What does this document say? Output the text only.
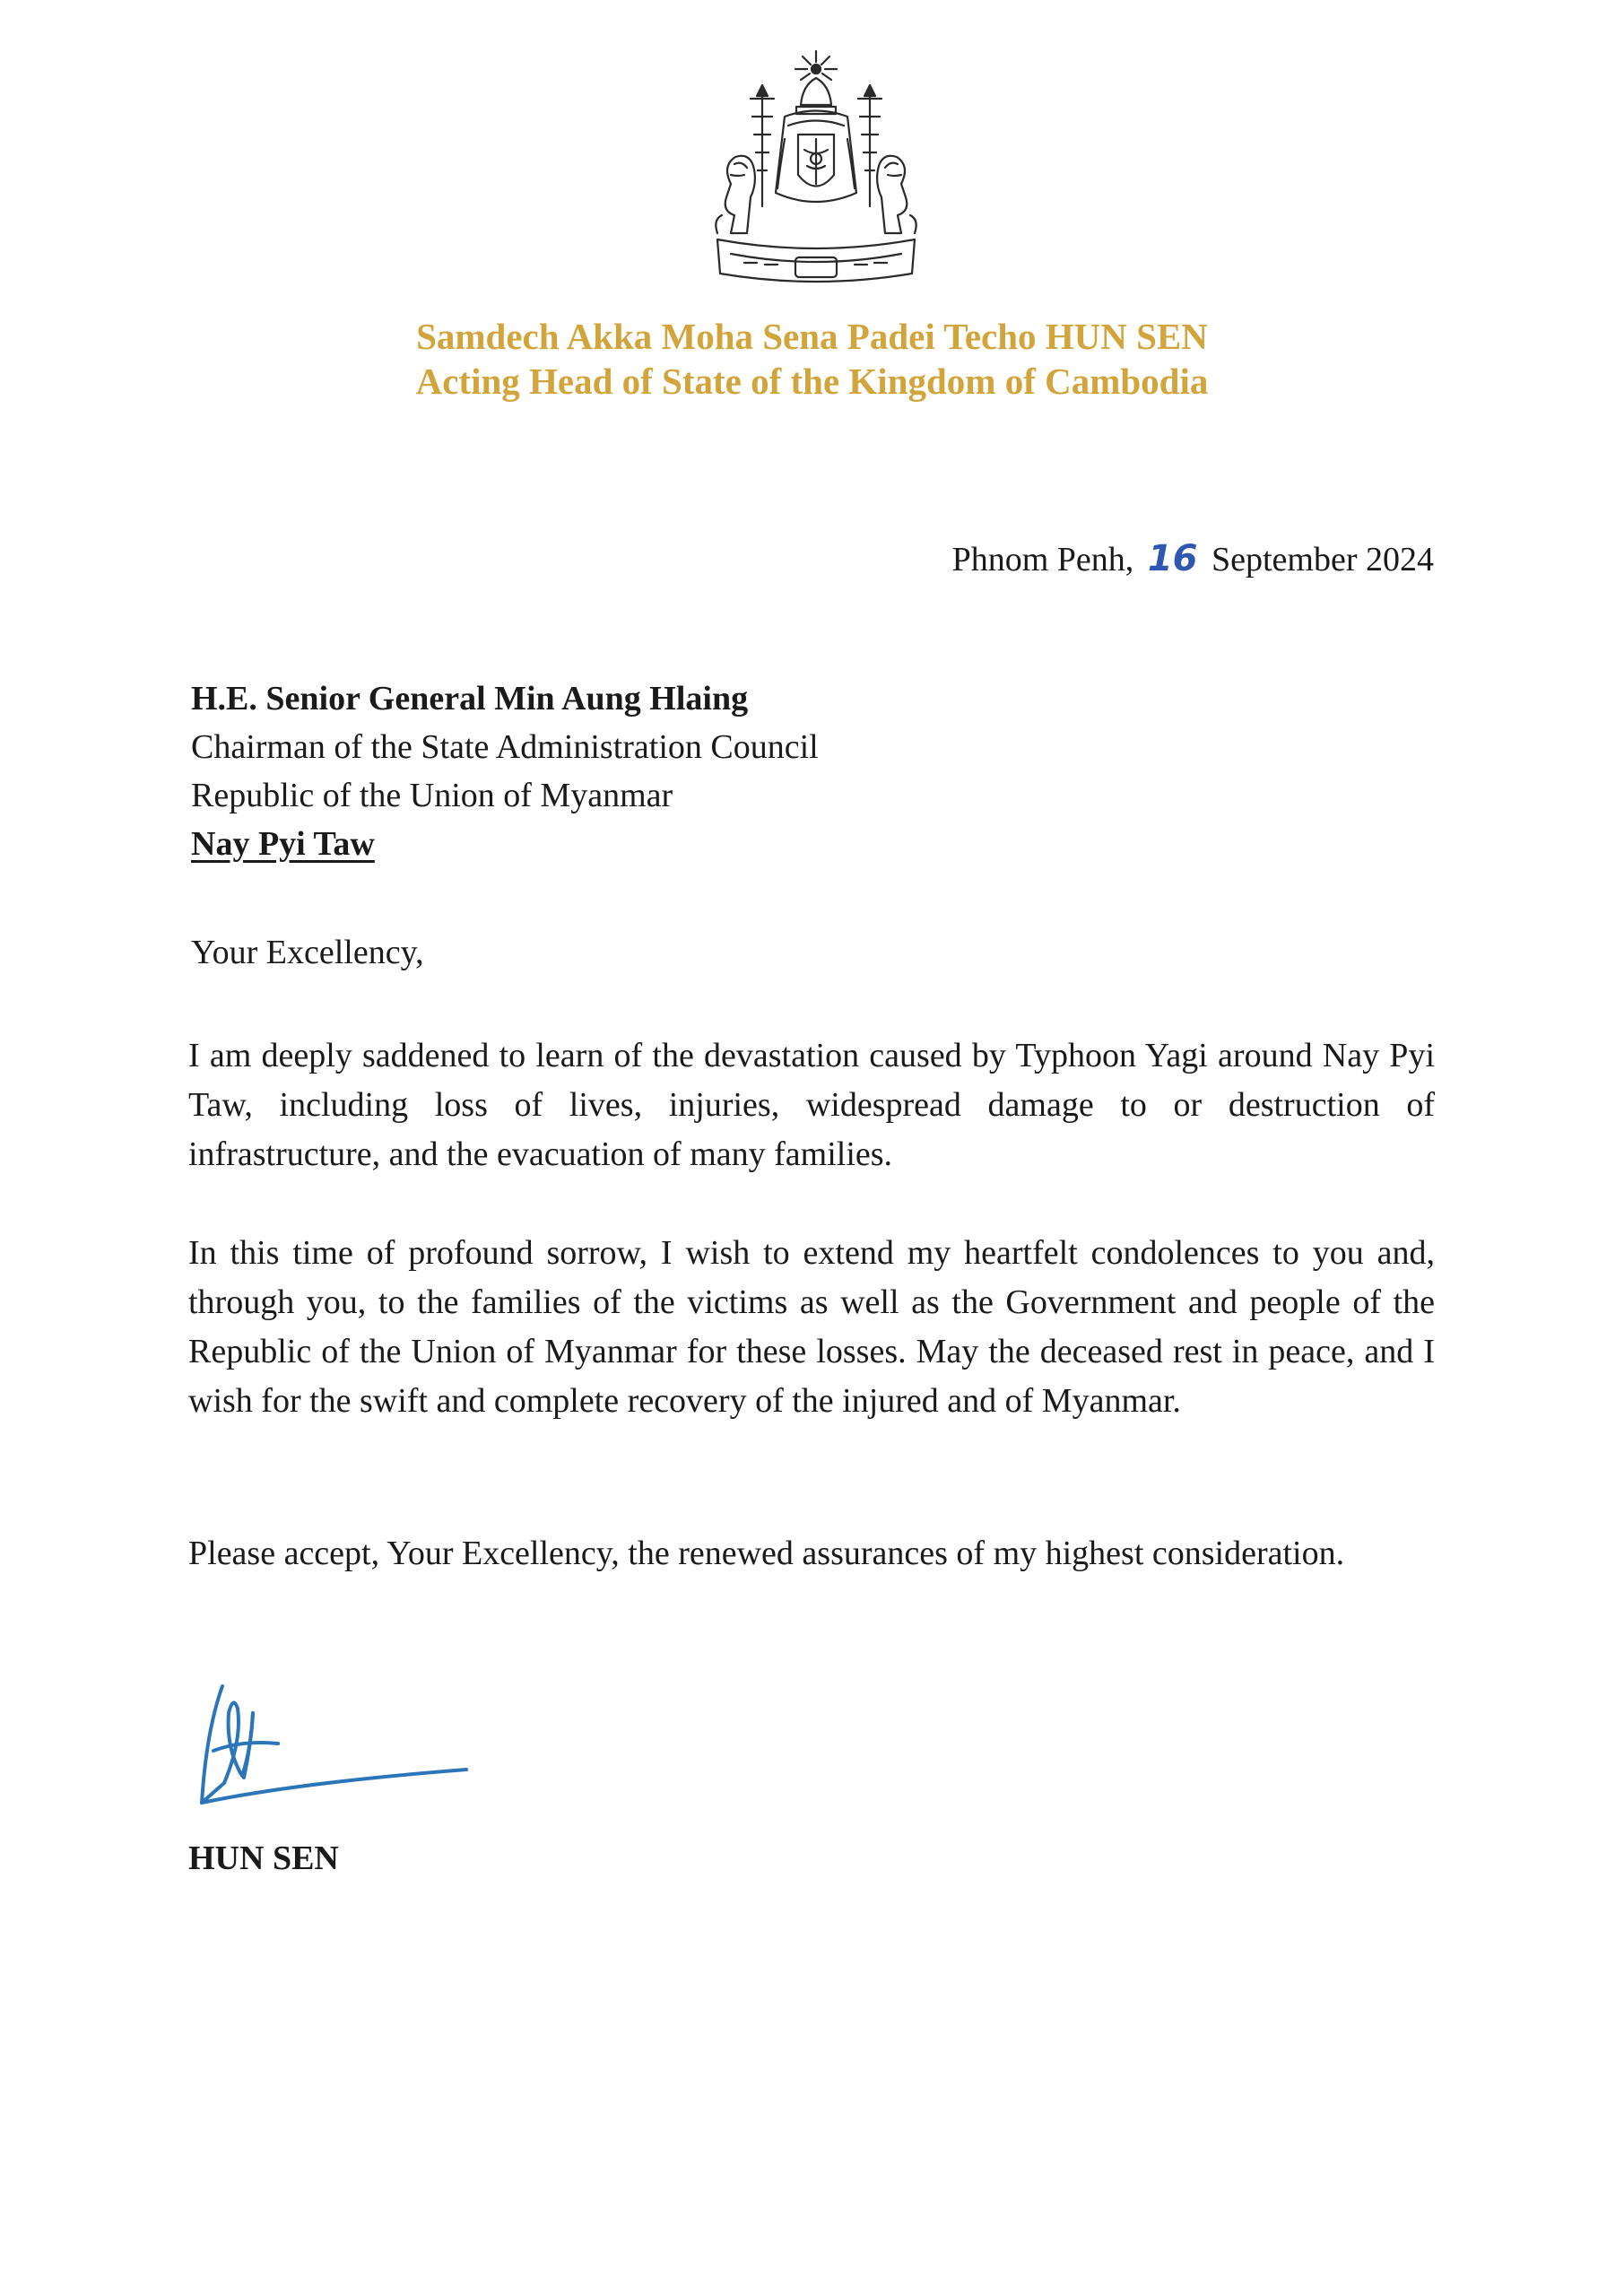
Samdech Akka Moha Sena Padei Techo HUN SEN
Acting Head of State of the Kingdom of Cambodia
Phnom Penh, 16 September 2024
H.E. Senior General Min Aung Hlaing
Chairman of the State Administration Council
Republic of the Union of Myanmar
Nay Pyi Taw
Your Excellency,

I am deeply saddened to learn of the devastation caused by Typhoon Yagi around Nay Pyi Taw, including loss of lives, injuries, widespread damage to or destruction of infrastructure, and the evacuation of many families.

In this time of profound sorrow, I wish to extend my heartfelt condolences to you and, through you, to the families of the victims as well as the Government and people of the Republic of the Union of Myanmar for these losses. May the deceased rest in peace, and I wish for the swift and complete recovery of the injured and of Myanmar.

Please accept, Your Excellency, the renewed assurances of my highest consideration.

HUN SEN
